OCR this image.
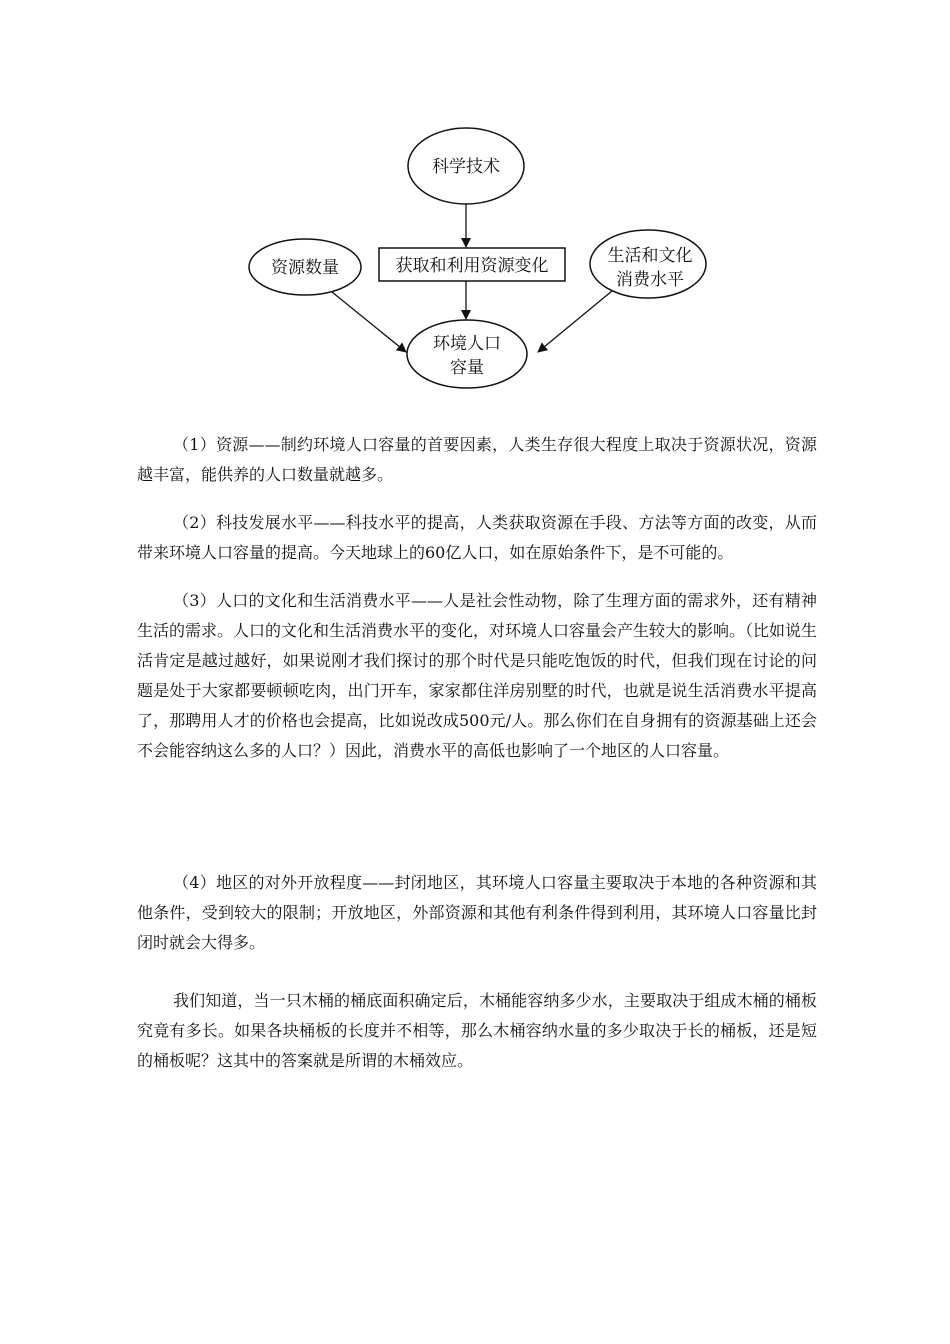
科学技术
资源数量	获取和利用资源变化	生活和文化
消费水平
环境人口
容量

（1）资源——制约环境人口容量的首要因素，人类生存很大程度上取决于资源状况，资源越丰富，能供养的人口数量就越多。

（2）科技发展水平——科技水平的提高，人类获取资源在手段、方法等方面的改变，从而带来环境人口容量的提高。今天地球上的60亿人口，如在原始条件下，是不可能的。

（3）人口的文化和生活消费水平——人是社会性动物，除了生理方面的需求外，还有精神生活的需求。人口的文化和生活消费水平的变化，对环境人口容量会产生较大的影响。（比如说生活肯定是越过越好，如果说刚才我们探讨的那个时代是只能吃饱饭的时代，但我们现在讨论的问题是处于大家都要顿顿吃肉，出门开车，家家都住洋房别墅的时代，也就是说生活消费水平提高了，那聘用人才的价格也会提高，比如说改成500元/人。那么你们在自身拥有的资源基础上还会不会能容纳这么多的人口？）因此，消费水平的高低也影响了一个地区的人口容量。

（4）地区的对外开放程度——封闭地区，其环境人口容量主要取决于本地的各种资源和其他条件，受到较大的限制；开放地区，外部资源和其他有利条件得到利用，其环境人口容量比封闭时就会大得多。

我们知道，当一只木桶的桶底面积确定后，木桶能容纳多少水，主要取决于组成木桶的桶板究竟有多长。如果各块桶板的长度并不相等，那么木桶容纳水量的多少取决于长的桶板，还是短的桶板呢？这其中的答案就是所谓的木桶效应。
